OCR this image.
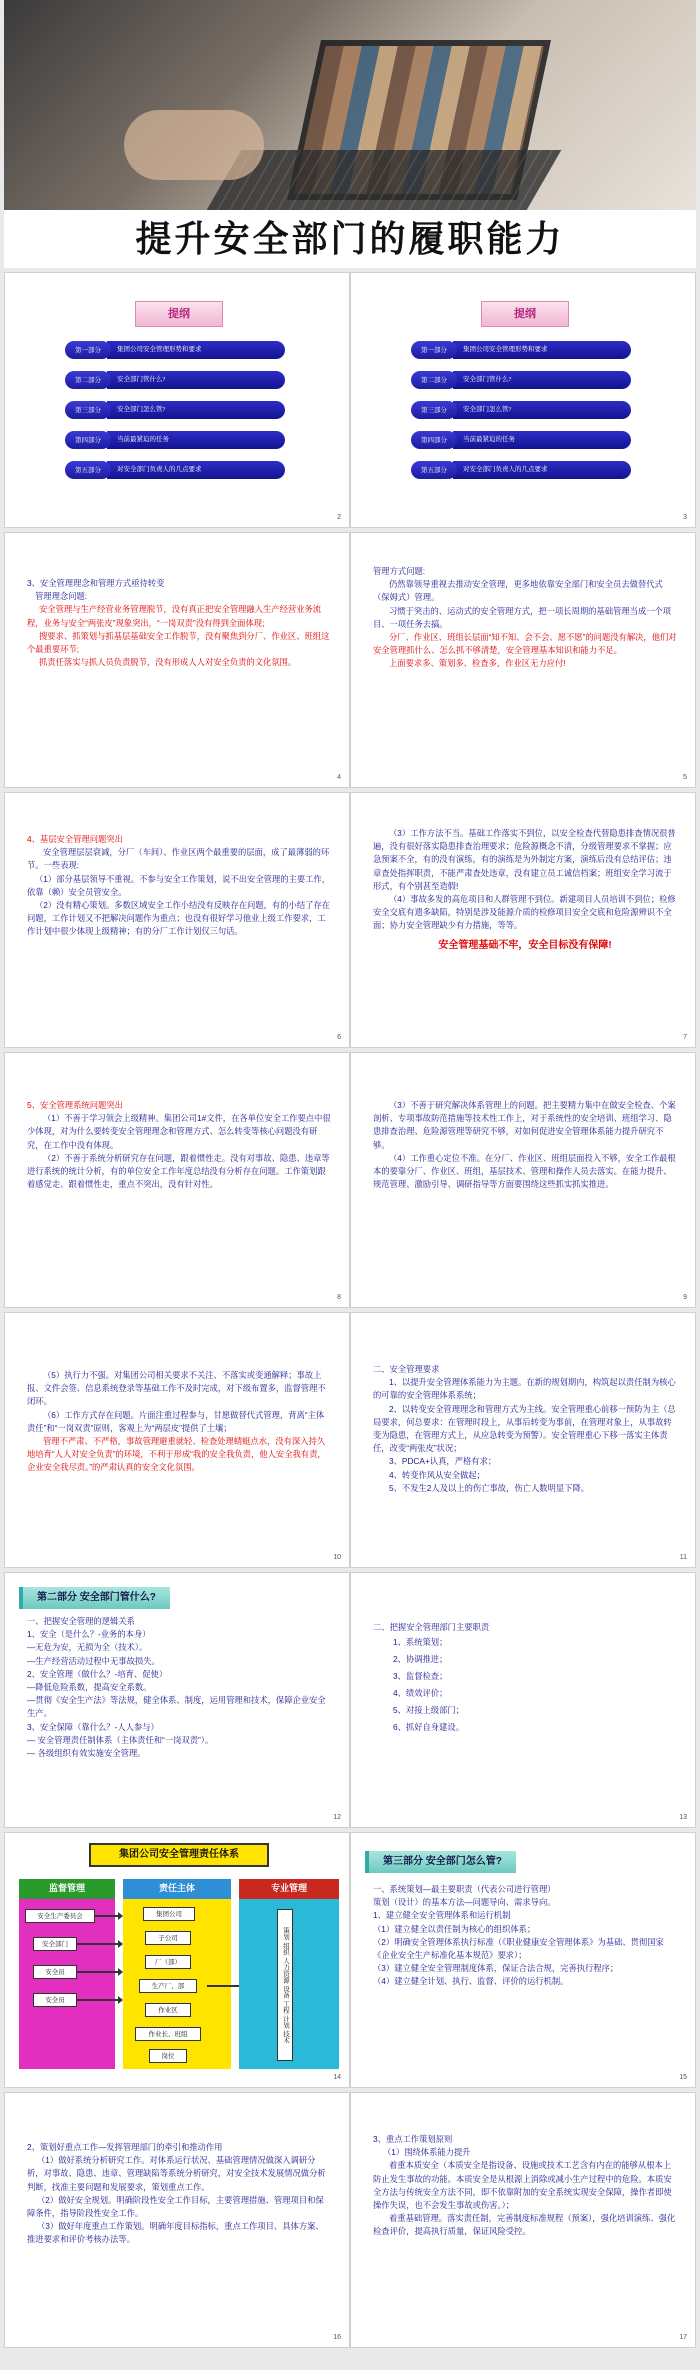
提升安全部门的履职能力
提纲
集团公司安全管理形势和要求
第一部分
安全部门管什么?
第二部分
安全部门怎么管?
第三部分
当前最紧迫的任务
第四部分
对安全部门负责人的几点要求
第五部分
2
提纲
集团公司安全管理形势和要求
第一部分
安全部门管什么?
第二部分
安全部门怎么管?
第三部分
当前最紧迫的任务
第四部分
对安全部门负责人的几点要求
第五部分
3

3、安全管理理念和管理方式亟待转变

管理理念问题:

安全管理与生产经营业务管理脱节，没有真正把安全管理融入生产经营业务流程，业务与安全“两张皮”现象突出，“一岗双责”没有得到全面体现;

搜要求、抓策划与抓基层基础安全工作脱节，没有聚焦到分厂、作业区、班组这个最重要环节;

抓责任落实与抓人员负责脱节，没有形成人人对安全负责的文化氛围。

4

管理方式问题:

仍然靠领导重视去推动安全管理，更多地依靠安全部门和安全员去做替代式（保姆式）管理。

习惯于突击的、运动式的安全管理方式，把一项长周期的基础管理当成一个项目、一项任务去搞。

分厂、作业区、班组长层面“知不知、会不会、愿不愿”的问题没有解决，他们对安全管理抓什么、怎么抓不够清楚，安全管理基本知识和能力不足。

上面要求多、策划多、检查多，作业区无力应付!

5

4、基层安全管理问题突出

安全管理层层衰减，分厂（车间）、作业区两个最重要的层面，成了最薄弱的环节。一些表现:

（1）部分基层领导不重视。不参与安全工作策划，说不出安全管理的主要工作，依靠（赖）安全员管安全。

（2）没有精心策划。多数区域安全工作小结没有反映存在问题，有的小结了存在问题，工作计划又不把解决问题作为重点；也没有很好学习他业上级工作要求，工作计划中很少体现上级精神；有的分厂工作计划仅三句话。

6

（3）工作方法不当。基础工作落实不到位，以安全检查代替隐患排查情况很普遍，没有很好落实隐患排查治理要求；危险源概念不清，分级管理要求不掌握；应急预案不全，有的没有演练，有的演练是为外制定方案，演练后没有总结评估；违章查处指挥职责，不能严肃查处违章，没有建立员工诚信档案；班组安全学习流于形式，有个别甚至造假!

（4）事故多发的高危项目和人群管理不到位。新建项目人员培训不到位；检修安全交底有遗多缺陷，特别是涉及能源介质的检修项目安全交底和危险源辨识不全面；协力安全管理缺少有力措施，等等。

安全管理基础不牢，安全目标没有保障!

7

5、安全管理系统问题突出

（1）不善于学习领会上级精神。集团公司1#文件，在各单位安全工作要点中很少体现，对为什么要转变安全管理理念和管理方式、怎么转变等核心问题没有研究，在工作中没有体现。

（2）不善于系统分析研究存在问题，跟着惯性走。没有对事故、隐患、违章等进行系统的统计分析，有的单位安全工作年度总结没有分析存在问题。工作策划跟着感觉走、跟着惯性走，重点不突出，没有针对性。

8

（3）不善于研究解决体系管理上的问题。把主要精力集中在做安全检查、个案剖析、专项事故防范措施等技术性工作上，对于系统性的安全培训、班组学习、隐患排查治理、危险源管理等研究不够，对如何促进安全管理体系能力提升研究不够。

（4）工作重心定位不准。在分厂、作业区、班组层面投入不够，安全工作最根本的要靠分厂、作业区、班组，基层技术、管理和操作人员去落实。在能力提升、规范管理、激励引导、调研指导等方面要围绕这些抓实抓实推进。

9

（5）执行力不强。对集团公司相关要求不关注、不落实或变通解释；事故上报、文件会签、信息系统登录等基础工作不及时完成，对下级布置多，监督管理不闭环。

（6）工作方式存在问题。片面注重过程参与，甘愿做替代式管理，背离“主体责任”和“一岗双责”原则，客观上为“两层皮”提供了土壤；

管理不严肃、不严格，事故管理避重就轻、检查处理蜻蜓点水，没有深入持久地培育“人人对安全负责”的环境，不利于形成“我的安全我负责，他人安全我有责，企业安全我尽责。”的严肃认真的安全文化氛围。

10

二、安全管理要求

1、以提升安全管理体系能力为主题。在新的规划期内，构筑起以责任制为核心的可靠的安全管理体系系统；

2、以转变安全管理理念和管理方式为主线。安全管理重心前移一预防为主（总局要求，何总要求：在管理时段上，从事后转变为事前，在管理对象上，从事故转变为隐患，在管理方式上，从应急转变为预警）。安全管理重心下移一落实主体责任，改变“两张皮”状况；

3、PDCA+认真，严格有求；

4、转变作风从安全做起；

5、不发生2人及以上的伤亡事故，伤亡人数明显下降。

11
第二部分 安全部门管什么?

一、把握安全管理的逻辑关系

1、安全（是什么？-业务的本身）

—无危为安，无损为全（技术）。

—生产经营活动过程中无事故损失。

2、安全管理（做什么？-培育、促使）

—降低危险系数，提高安全系数。

—贯彻《安全生产法》等法规，健全体系、制度，运用管理和技术，保障企业安全生产。

3、安全保障（靠什么？-人人参与）

— 安全管理责任制体系（主体责任和“一岗双责”）。

— 各级组织有效实施安全管理。

12

二、把握安全管理部门主要职责

1、系统策划；

2、协调推进；

3、监督检查；

4、绩效评价；

5、对接上级部门；

6、抓好自身建设。

13
集团公司安全管理责任体系
监督管理	责任主体	专业管理
安全生产委员会
安全部门
安全员
安全员
集团公司
子公司
厂（部）
生产厂、部
作业区
作业长、班组
岗位
策划 组织 人力资源 设备 工程 计划 技术
14
第三部分 安全部门怎么管?

一、系统策划—最主要职责（代表公司进行管理）

策划（设计）的基本方法—问题导向、需求导向。

1、建立健全安全管理体系和运行机制

（1）建立健全以责任制为核心的组织体系；

（2）明确安全管理体系执行标准（《职业健康安全管理体系》为基础、贯彻国家《企业安全生产标准化基本规范》要求）；

（3）建立健全安全管理制度体系，保证合法合规，完善执行程序；

（4）建立健全计划、执行、监督、评价的运行机制。

15

2、策划好重点工作—发挥管理部门的牵引和推动作用

（1）做好系统分析研究工作。对体系运行状况、基础管理情况做深入调研分析，对事故、隐患、违章、管理缺陷等系统分析研究，对安全技术发展情况做分析判断，找准主要问题和发展要求，策划重点工作。

（2）做好安全规划。明确阶段性安全工作目标，主要管理措施、管理项目和保障条件，指导阶段性安全工作。

（3）做好年度重点工作策划。明确年度目标指标，重点工作项目、具体方案、推进要求和评价考核办法等。

16

3、重点工作策划原则

（1）围绕体系能力提升

着重本质安全（本质安全是指设备、设施或技术工艺含有内在的能够从根本上防止发生事故的功能。本质安全是从根源上消除或减小生产过程中的危险。本质安全方法与传统安全方法不同，即不依靠附加的安全系统实现安全保障，操作者即使操作失误，也不会发生事故或伤害。）；

着重基础管理。落实责任制，完善制度标准规程（预案），强化培训演练、强化检查评价，提高执行质量，保证风险受控。

17
